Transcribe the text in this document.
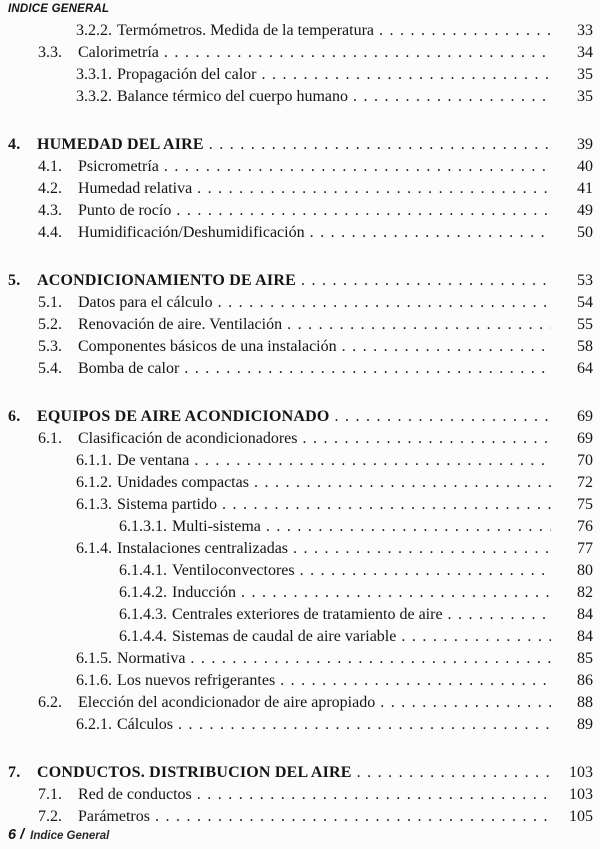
INDICE GENERAL
3.2.2. Termómetros. Medida de la temperatura .....	33
3.3.	Calorimetría .....	34
3.3.1. Propagación del calor .....	35
3.3.2. Balance térmico del cuerpo humano .....	35
4.	HUMEDAD DEL AIRE .....	39
4.1.	Psicrometría .....	40
4.2.	Humedad relativa .....	41
4.3.	Punto de rocío .....	49
4.4.	Humidificación/Deshumidificación .....	50
5.	ACONDICIONAMIENTO DE AIRE .....	53
5.1.	Datos para el cálculo .....	54
5.2.	Renovación de aire. Ventilación .....	55
5.3.	Componentes básicos de una instalación .....	58
5.4.	Bomba de calor .....	64
6.	EQUIPOS DE AIRE ACONDICIONADO .....	69
6.1.	Clasificación de acondicionadores .....	69
6.1.1. De ventana .....	70
6.1.2. Unidades compactas .....	72
6.1.3. Sistema partido .....	75
6.1.3.1. Multi-sistema .....	76
6.1.4. Instalaciones centralizadas .....	77
6.1.4.1. Ventiloconvectores .....	80
6.1.4.2. Inducción .....	82
6.1.4.3. Centrales exteriores de tratamiento de aire .....	84
6.1.4.4. Sistemas de caudal de aire variable .....	84
6.1.5. Normativa .....	85
6.1.6. Los nuevos refrigerantes .....	86
6.2.	Elección del acondicionador de aire apropiado .....	88
6.2.1. Cálculos .....	89
7.	CONDUCTOS. DISTRIBUCION DEL AIRE .....	103
7.1.	Red de conductos .....	103
7.2.	Parámetros .....	105
6 / Indice General
